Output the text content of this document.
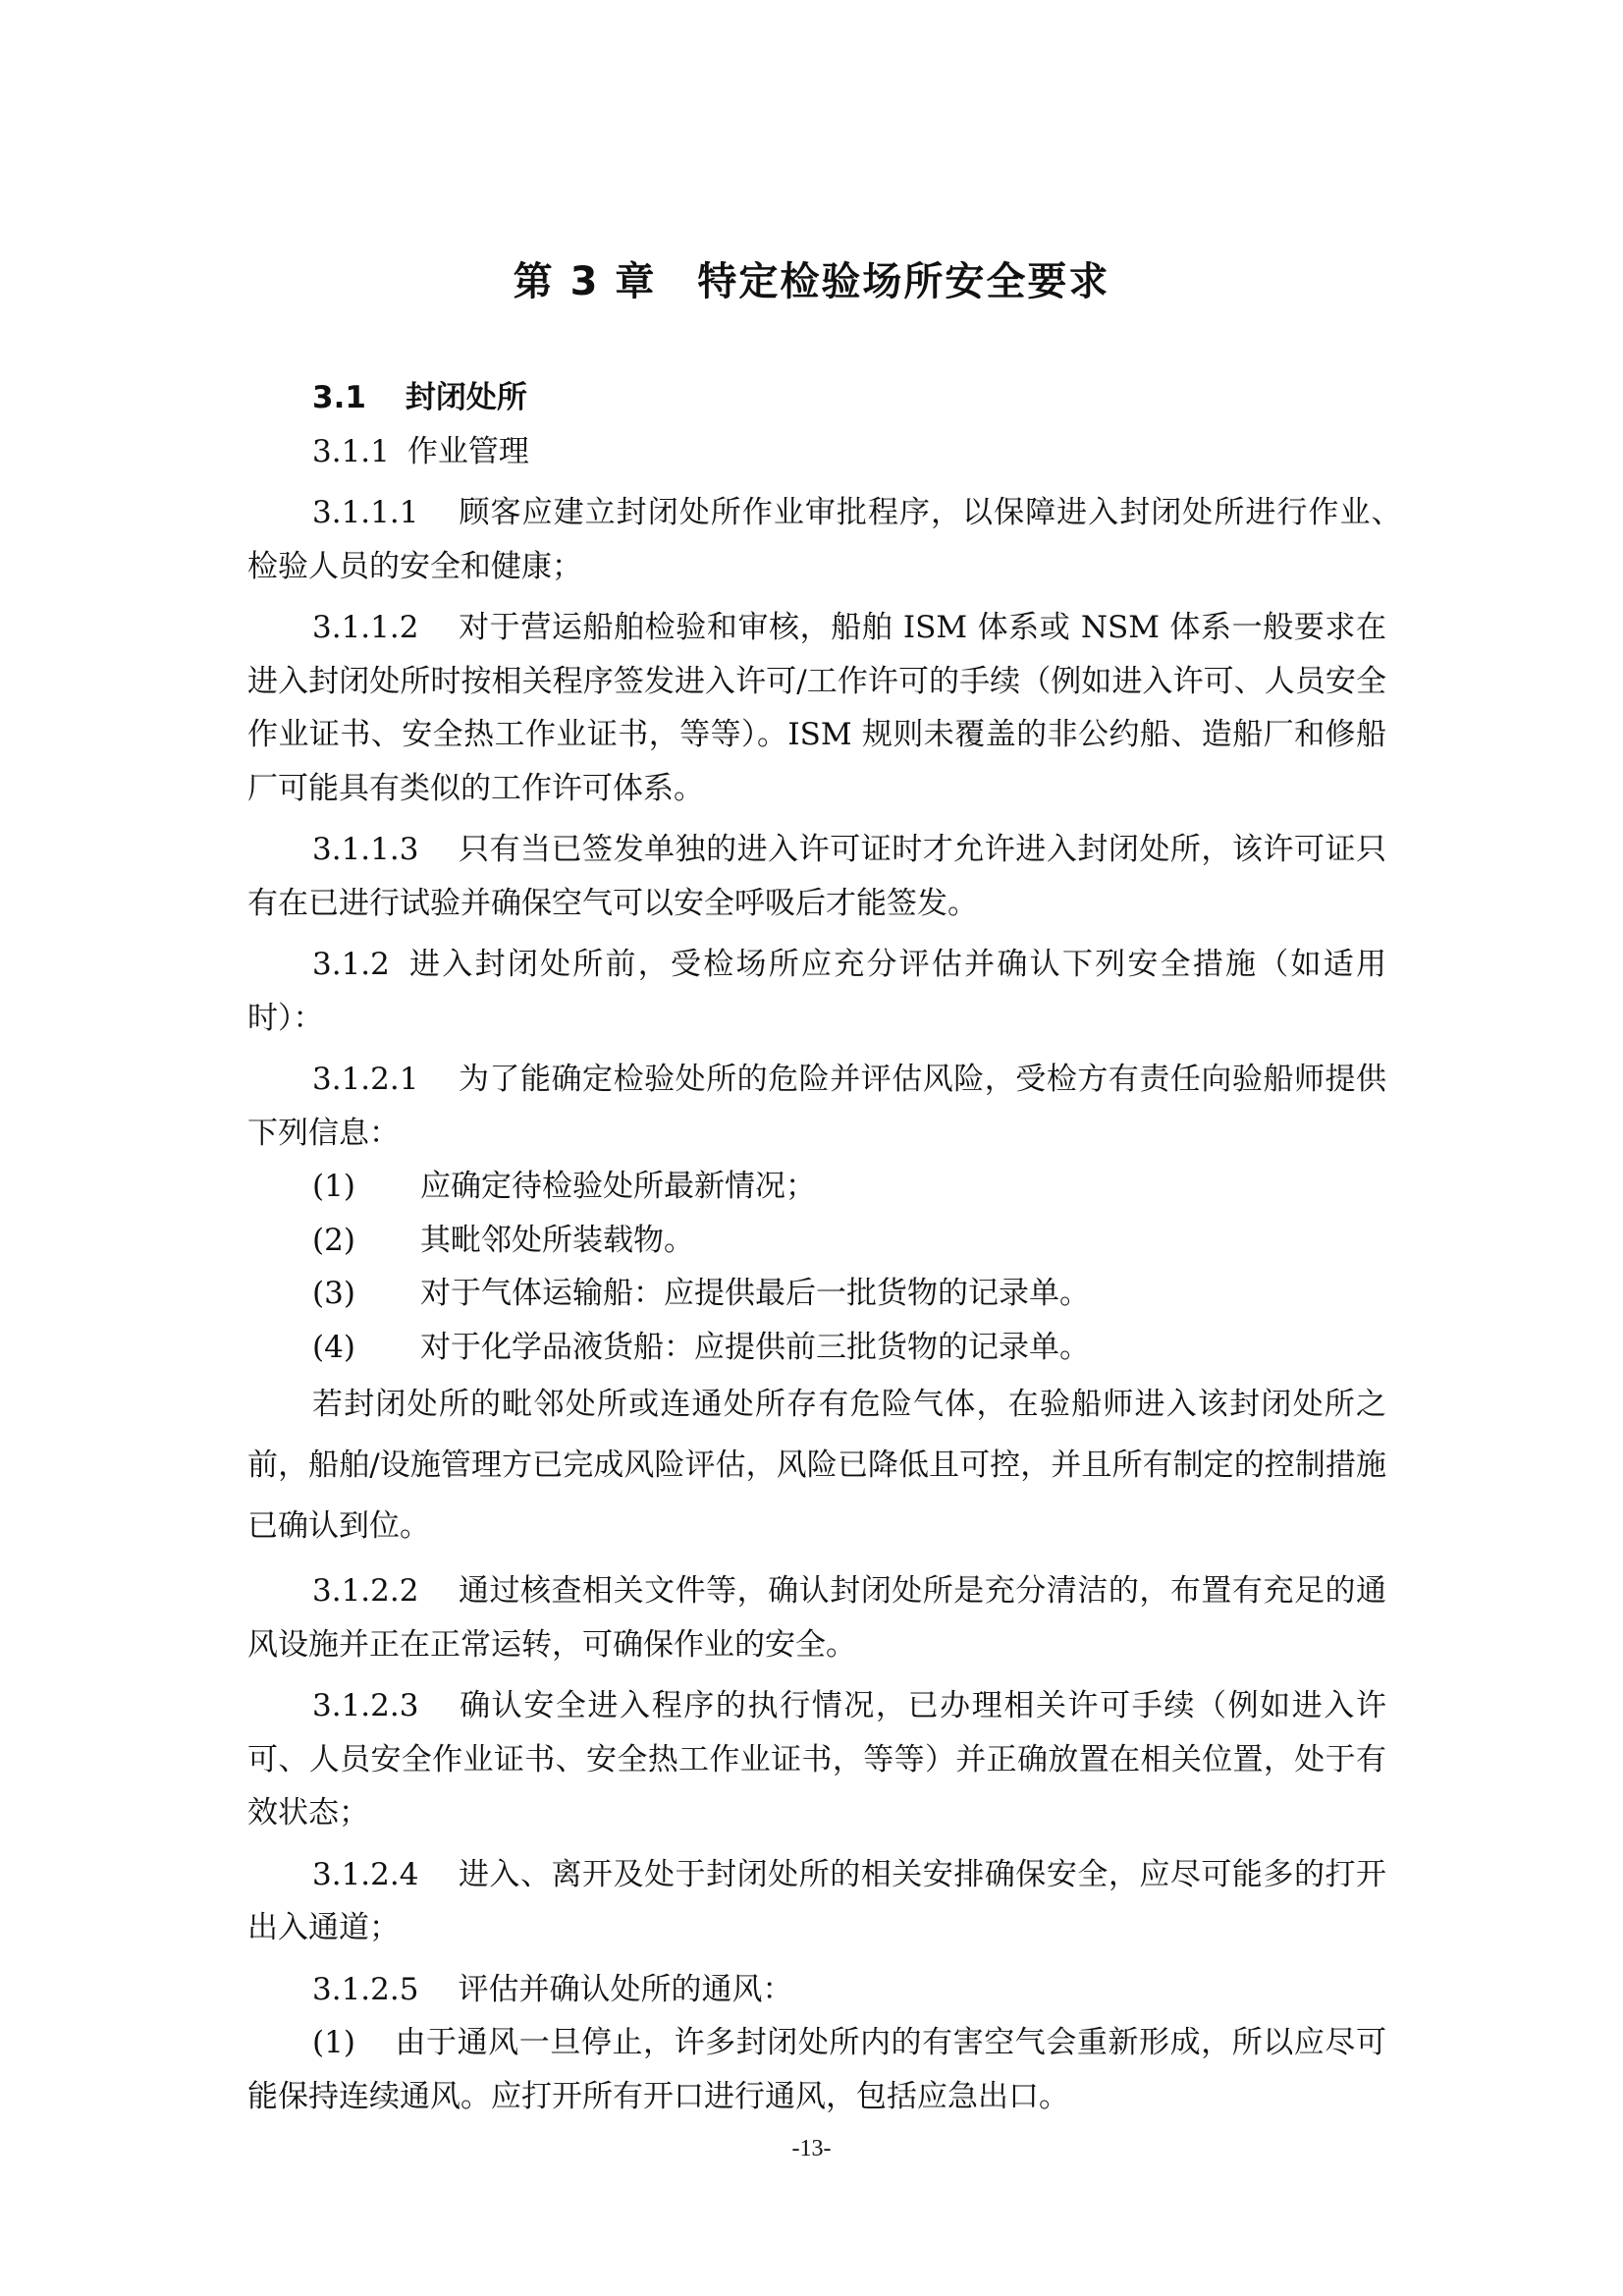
第 3 章　特定检验场所安全要求

3.1 封闭处所

3.1.1 作业管理

3.1.1.1 顾客应建立封闭处所作业审批程序，以保障进入封闭处所进行作业、　检验人员的安全和健康；

3.1.1.2 对于营运船舶检验和审核，船舶 ISM 体系或 NSM 体系一般要求在进入封闭处所时按相关程序签发进入许可/工作许可的手续（例如进入许可、人员安全作业证书、安全热工作业证书，等等）。ISM 规则未覆盖的非公约船、造船厂和修船厂可能具有类似的工作许可体系。

3.1.1.3 只有当已签发单独的进入许可证时才允许进入封闭处所，该许可证只有在已进行试验并确保空气可以安全呼吸后才能签发。

3.1.2 进入封闭处所前，受检场所应充分评估并确认下列安全措施（如适用时）：

3.1.2.1 为了能确定检验处所的危险并评估风险，受检方有责任向验船师提供下列信息：

(1) 应确定待检验处所最新情况；

(2) 其毗邻处所装载物。

(3) 对于气体运输船：应提供最后一批货物的记录单。

(4) 对于化学品液货船：应提供前三批货物的记录单。

若封闭处所的毗邻处所或连通处所存有危险气体，在验船师进入该封闭处所之前，船舶/设施管理方已完成风险评估，风险已降低且可控，并且所有制定的控制措施已确认到位。

3.1.2.2 通过核查相关文件等，确认封闭处所是充分清洁的，布置有充足的通风设施并正在正常运转，可确保作业的安全。

3.1.2.3 确认安全进入程序的执行情况，已办理相关许可手续（例如进入许可、人员安全作业证书、安全热工作业证书，等等）并正确放置在相关位置，处于有效状态；

3.1.2.4 进入、离开及处于封闭处所的相关安排确保安全，应尽可能多的打开出入通道；

3.1.2.5 评估并确认处所的通风：

(1) 由于通风一旦停止，许多封闭处所内的有害空气会重新形成，所以应尽可能保持连续通风。应打开所有开口进行通风，包括应急出口。

-13-
